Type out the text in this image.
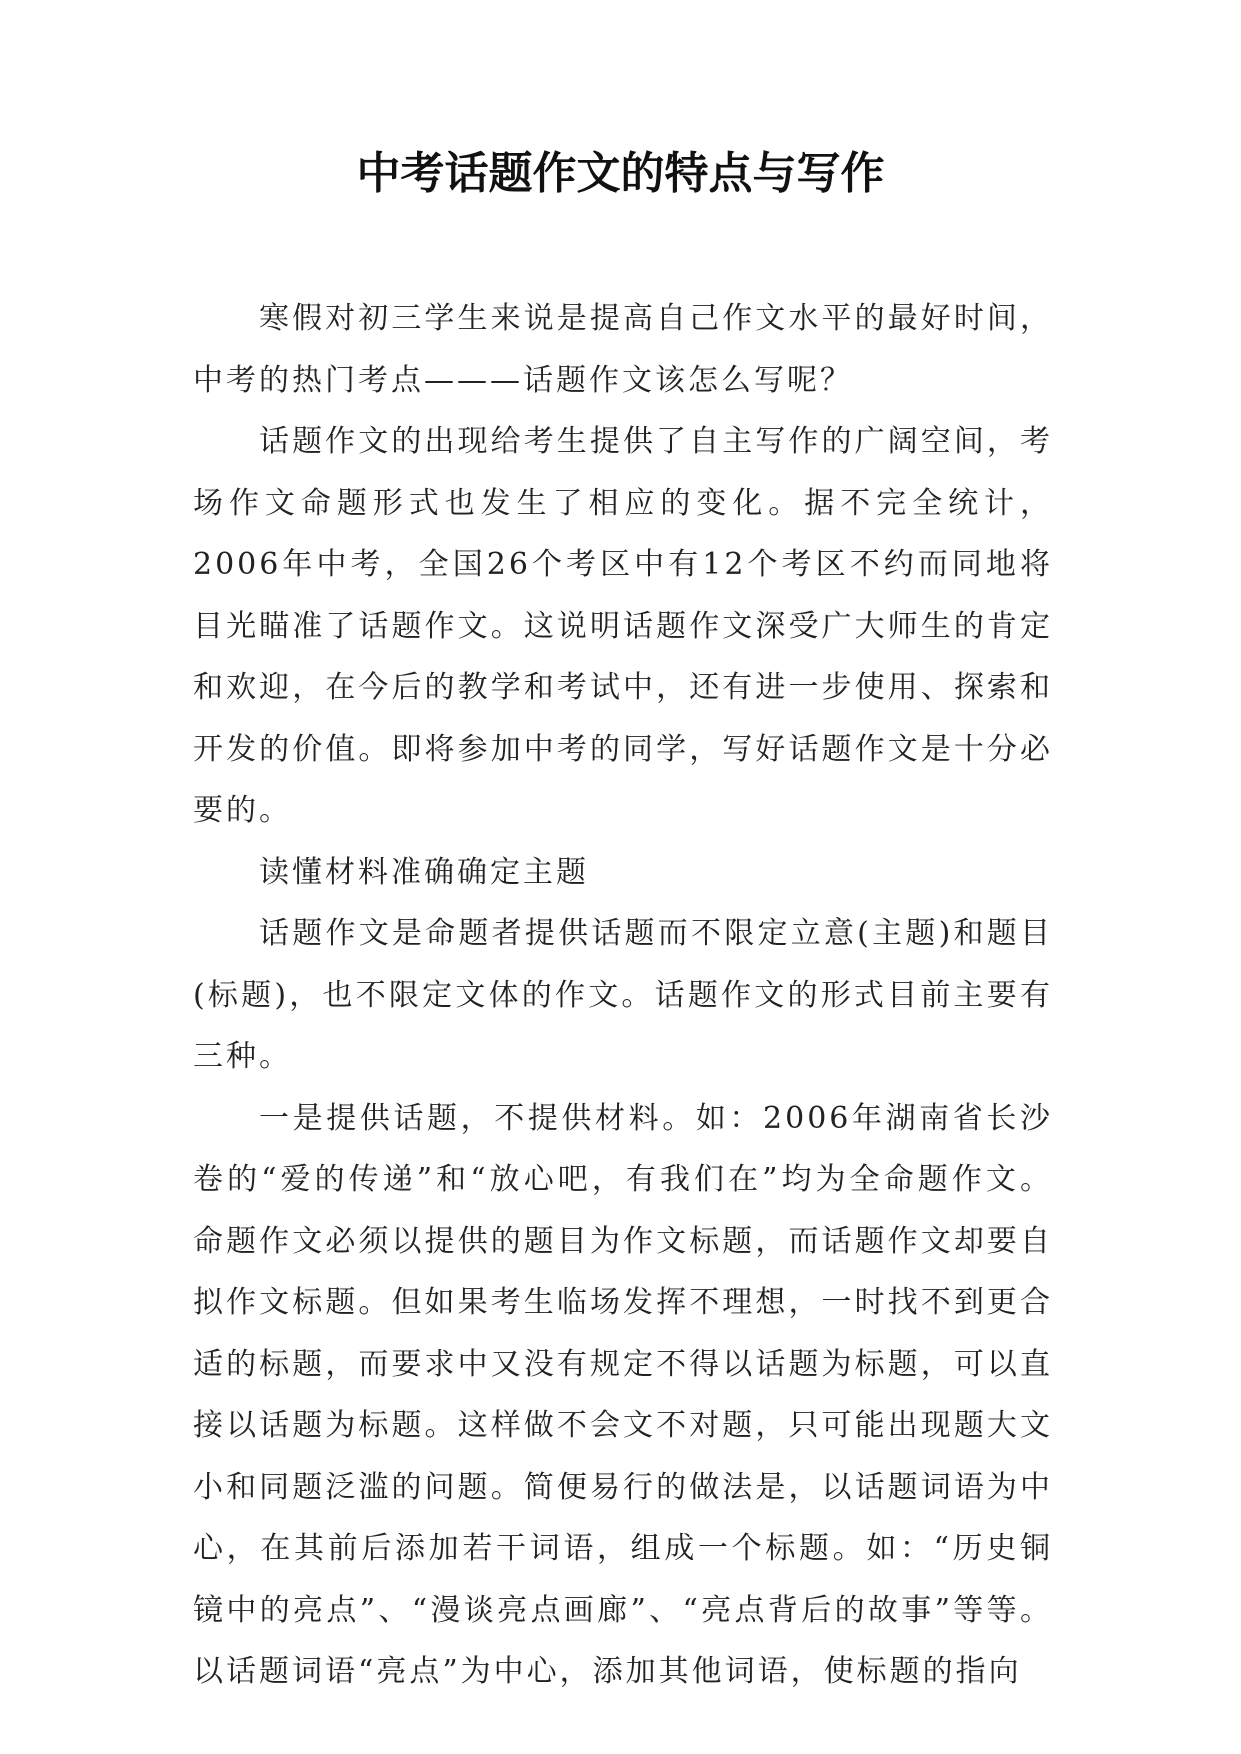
中考话题作文的特点与写作

寒假对初三学生来说是提高自己作文水平的最好时间，中考的热门考点———话题作文该怎么写呢？

话题作文的出现给考生提供了自主写作的广阔空间，考场作文命题形式也发生了相应的变化。据不完全统计，2006年中考，全国26个考区中有12个考区不约而同地将目光瞄准了话题作文。这说明话题作文深受广大师生的肯定和欢迎，在今后的教学和考试中，还有进一步使用、探索和开发的价值。即将参加中考的同学，写好话题作文是十分必要的。

读懂材料准确确定主题

话题作文是命题者提供话题而不限定立意(主题)和题目(标题)，也不限定文体的作文。话题作文的形式目前主要有三种。

一是提供话题，不提供材料。如：2006年湖南省长沙卷的“爱的传递”和“放心吧，有我们在”均为全命题作文。命题作文必须以提供的题目为作文标题，而话题作文却要自拟作文标题。但如果考生临场发挥不理想，一时找不到更合适的标题，而要求中又没有规定不得以话题为标题，可以直接以话题为标题。这样做不会文不对题，只可能出现题大文小和同题泛滥的问题。简便易行的做法是，以话题词语为中心，在其前后添加若干词语，组成一个标题。如：“历史铜镜中的亮点”、“漫谈亮点画廊”、“亮点背后的故事”等等。以话题词语“亮点”为中心，添加其他词语，使标题的指向
